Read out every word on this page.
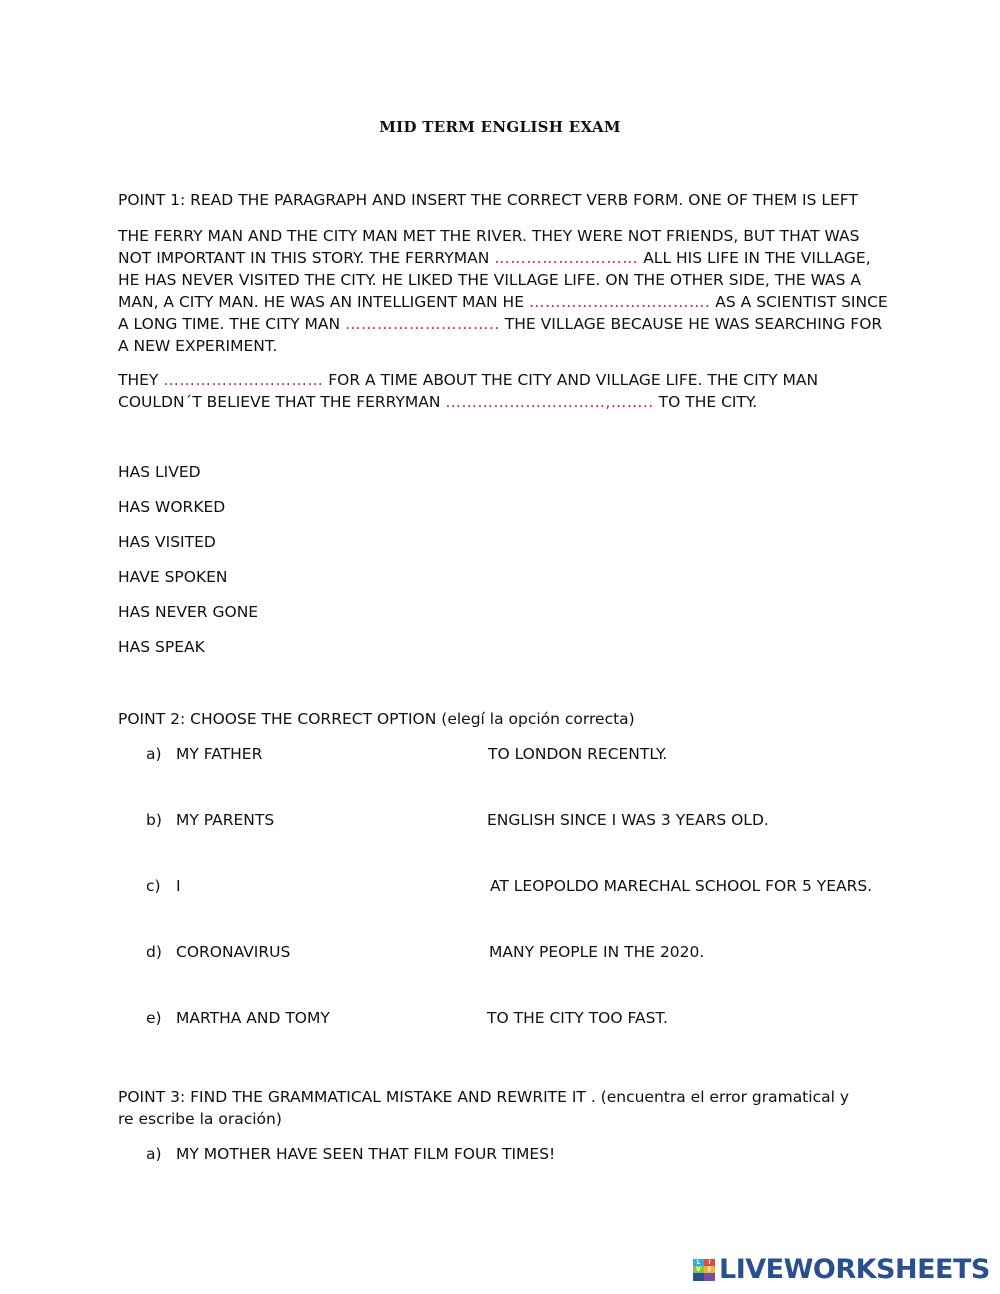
MID TERM ENGLISH EXAM
POINT 1: READ THE PARAGRAPH AND INSERT THE CORRECT VERB FORM. ONE OF THEM IS LEFT
THE FERRY MAN AND THE CITY MAN MET THE RIVER. THEY WERE NOT FRIENDS, BUT THAT WAS NOT IMPORTANT IN THIS STORY. THE FERRYMAN ……………………… ALL HIS LIFE IN THE VILLAGE, HE HAS NEVER VISITED THE CITY. HE LIKED THE VILLAGE LIFE. ON THE OTHER SIDE, THE WAS A MAN, A CITY MAN. HE WAS AN INTELLIGENT MAN HE ……………………………. AS A SCIENTIST SINCE A LONG TIME. THE CITY MAN ……………………….. THE VILLAGE BECAUSE HE WAS SEARCHING FOR A NEW EXPERIMENT.
THEY ………………………… FOR A TIME ABOUT THE CITY AND VILLAGE LIFE. THE CITY MAN COULDN´T BELIEVE THAT THE FERRYMAN …………………………,…….. TO THE CITY.
HAS LIVED
HAS WORKED
HAS VISITED
HAVE SPOKEN
HAS NEVER GONE
HAS SPEAK
POINT 2: CHOOSE THE CORRECT OPTION (elegí la opción correcta)
a) MY FATHER	TO LONDON RECENTLY.
b) MY PARENTS	ENGLISH SINCE I WAS 3 YEARS OLD.
c) I	AT LEOPOLDO MARECHAL SCHOOL FOR 5 YEARS.
d) CORONAVIRUS	MANY PEOPLE IN THE 2020.
e) MARTHA AND TOMY	TO THE CITY TOO FAST.
POINT 3: FIND THE GRAMMATICAL MISTAKE AND REWRITE IT . (encuentra el error gramatical y
re escribe la oración)
a) MY MOTHER HAVE SEEN THAT FILM FOUR TIMES!
L	I
V	E LIVEWORKSHEETS
